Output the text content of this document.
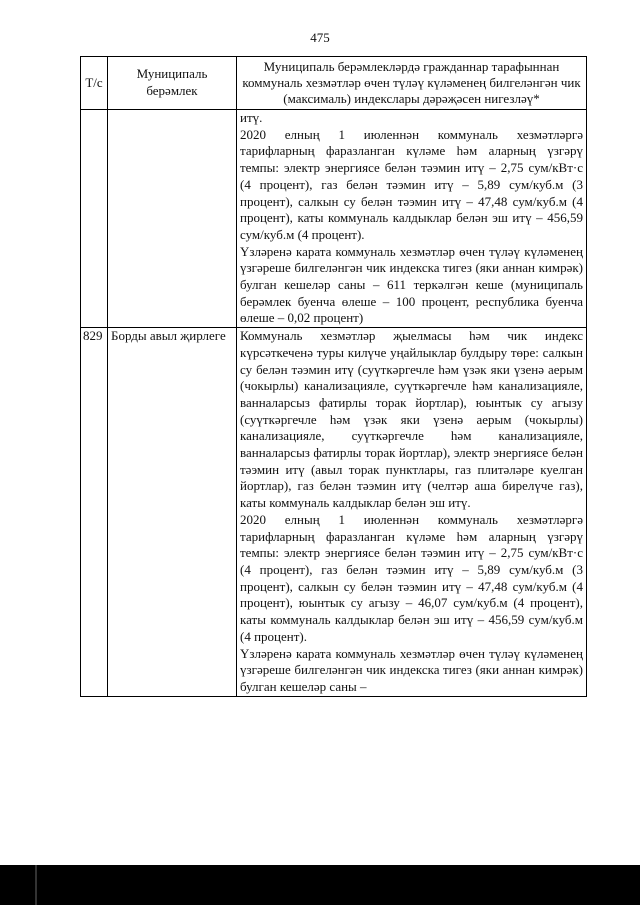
475
Т/с	Муниципаль берәмлек	Муниципаль берәмлекләрдә гражданнар тарафыннан коммуналь хезмәтләр өчен түләү күләменең билгеләнгән чик (максималь) индекслары дәрәҗәсен нигезләү*

		итү.
2020 елның 1 июленнән коммуналь хезмәтләргә тарифларның фаразланган күләме һәм аларның үзгәрү темпы: электр энергиясе белән тәэмин итү – 2,75 сум/кВт·с (4 процент), газ белән тәэмин итү – 5,89 сум/куб.м (3 процент), салкын су белән тәэмин итү – 47,48 сум/куб.м (4 процент), каты коммуналь калдыклар белән эш итү – 456,59 сум/куб.м (4 процент).
Үзләренә карата коммуналь хезмәтләр өчен түләү күләменең үзгәреше билгеләнгән чик индекска тигез (яки аннан кимрәк) булган кешеләр саны – 611 теркәлгән кеше (муниципаль берәмлек буенча өлеше – 100 процент, республика буенча өлеше – 0,02 процент)

829	Борды авыл җирлеге	Коммуналь хезмәтләр җыелмасы һәм чик индекс күрсәткеченә туры килүче уңайлыклар булдыру төре: салкын су белән тәэмин итү (суүткәргечле һәм үзәк яки үзенә аерым (чокырлы) канализацияле, суүткәргечле һәм канализацияле, ванналарсыз фатирлы торак йортлар), юынтык су агызу (суүткәргечле һәм үзәк яки үзенә аерым (чокырлы) канализацияле, суүткәргечле һәм канализацияле, ванналарсыз фатирлы торак йортлар), электр энергиясе белән тәэмин итү (авыл торак пунктлары, газ плитәләре куелган йортлар), газ белән тәэмин итү (челтәр аша бирелүче газ), каты коммуналь калдыклар белән эш итү.
2020 елның 1 июленнән коммуналь хезмәтләргә тарифларның фаразланган күләме һәм аларның үзгәрү темпы: электр энергиясе белән тәэмин итү – 2,75 сум/кВт·с (4 процент), газ белән тәэмин итү – 5,89 сум/куб.м (3 процент), салкын су белән тәэмин итү – 47,48 сум/куб.м (4 процент), юынтык су агызу – 46,07 сум/куб.м (4 процент), каты коммуналь калдыклар белән эш итү – 456,59 сум/куб.м (4 процент).
Үзләренә карата коммуналь хезмәтләр өчен түләү күләменең үзгәреше билгеләнгән чик индекска тигез (яки аннан кимрәк) булган кешеләр саны –
